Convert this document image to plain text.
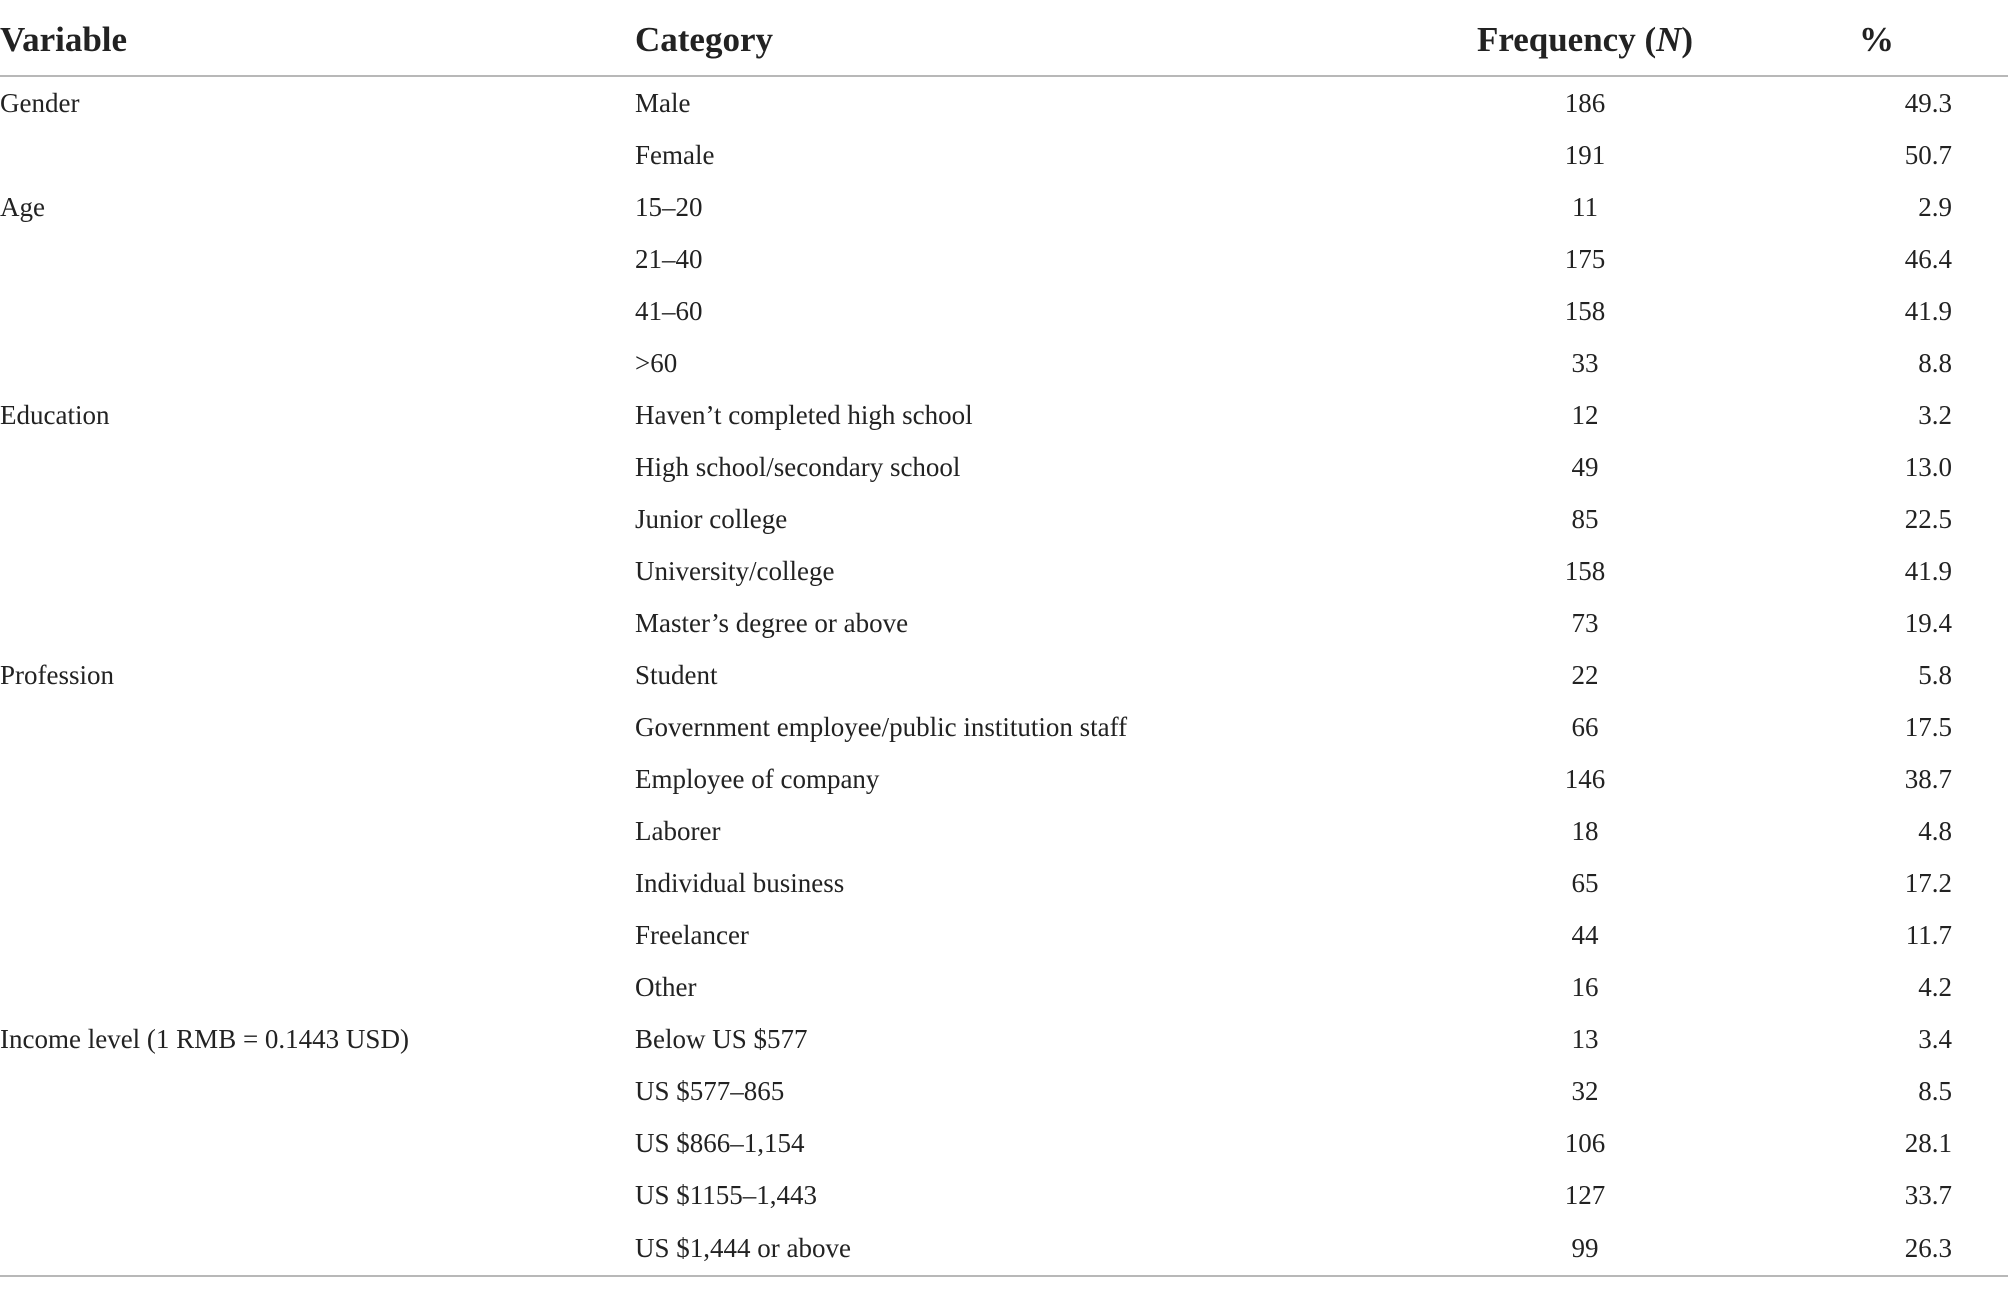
Variable	Category	Frequency (N)	%
Gender	Male	186	49.3
	Female	191	50.7
Age	15–20	11	2.9
	21–40	175	46.4
	41–60	158	41.9
	>60	33	8.8
Education	Haven’t completed high school	12	3.2
	High school/secondary school	49	13.0
	Junior college	85	22.5
	University/college	158	41.9
	Master’s degree or above	73	19.4
Profession	Student	22	5.8
	Government employee/public institution staff	66	17.5
	Employee of company	146	38.7
	Laborer	18	4.8
	Individual business	65	17.2
	Freelancer	44	11.7
	Other	16	4.2
Income level (1 RMB = 0.1443 USD)	Below US $577	13	3.4
	US $577–865	32	8.5
	US $866–1,154	106	28.1
	US $1155–1,443	127	33.7
	US $1,444 or above	99	26.3
